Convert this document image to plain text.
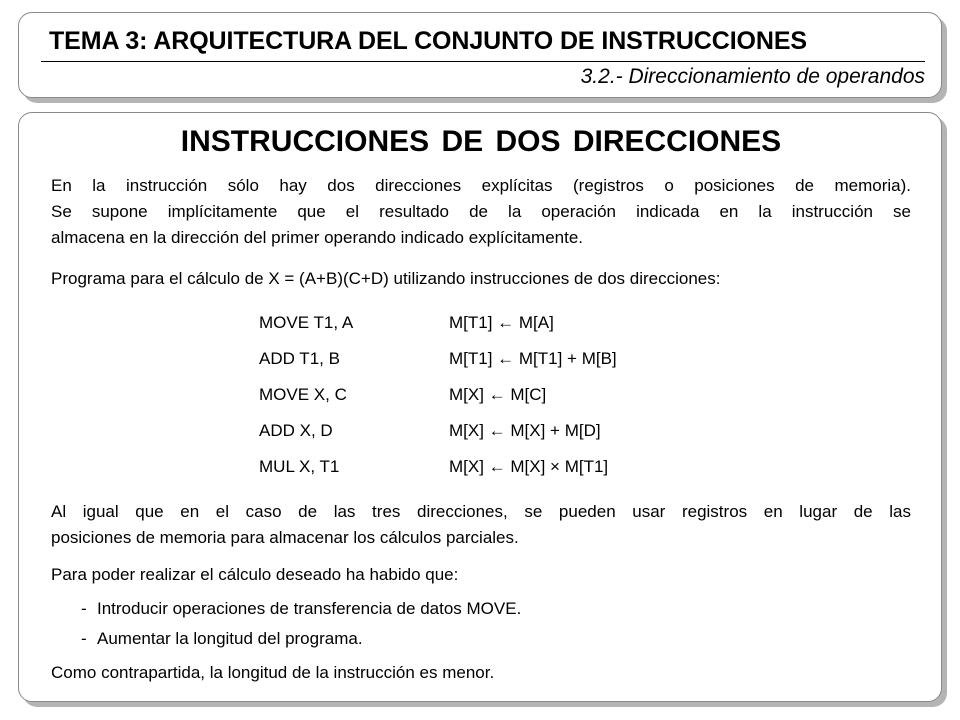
TEMA 3: ARQUITECTURA DEL CONJUNTO DE INSTRUCCIONES
3.2.- Direccionamiento de operandos
INSTRUCCIONES DE DOS DIRECCIONES
En la instrucción sólo hay dos direcciones explícitas (registros o posiciones de memoria).
Se supone implícitamente que el resultado de la operación indicada en la instrucción se
almacena en la dirección del primer operando indicado explícitamente.
Programa para el cálculo de X = (A+B)(C+D) utilizando instrucciones de dos direcciones:
MOVE T1, A	M[T1] ← M[A]
ADD T1, B	M[T1] ← M[T1] + M[B]
MOVE X, C	M[X] ← M[C]
ADD X, D	M[X] ← M[X] + M[D]
MUL X, T1	M[X] ← M[X] × M[T1]
Al igual que en el caso de las tres direcciones, se pueden usar registros en lugar de las
posiciones de memoria para almacenar los cálculos parciales.
Para poder realizar el cálculo deseado ha habido que:
- Introducir operaciones de transferencia de datos MOVE.
- Aumentar la longitud del programa.
Como contrapartida, la longitud de la instrucción es menor.
